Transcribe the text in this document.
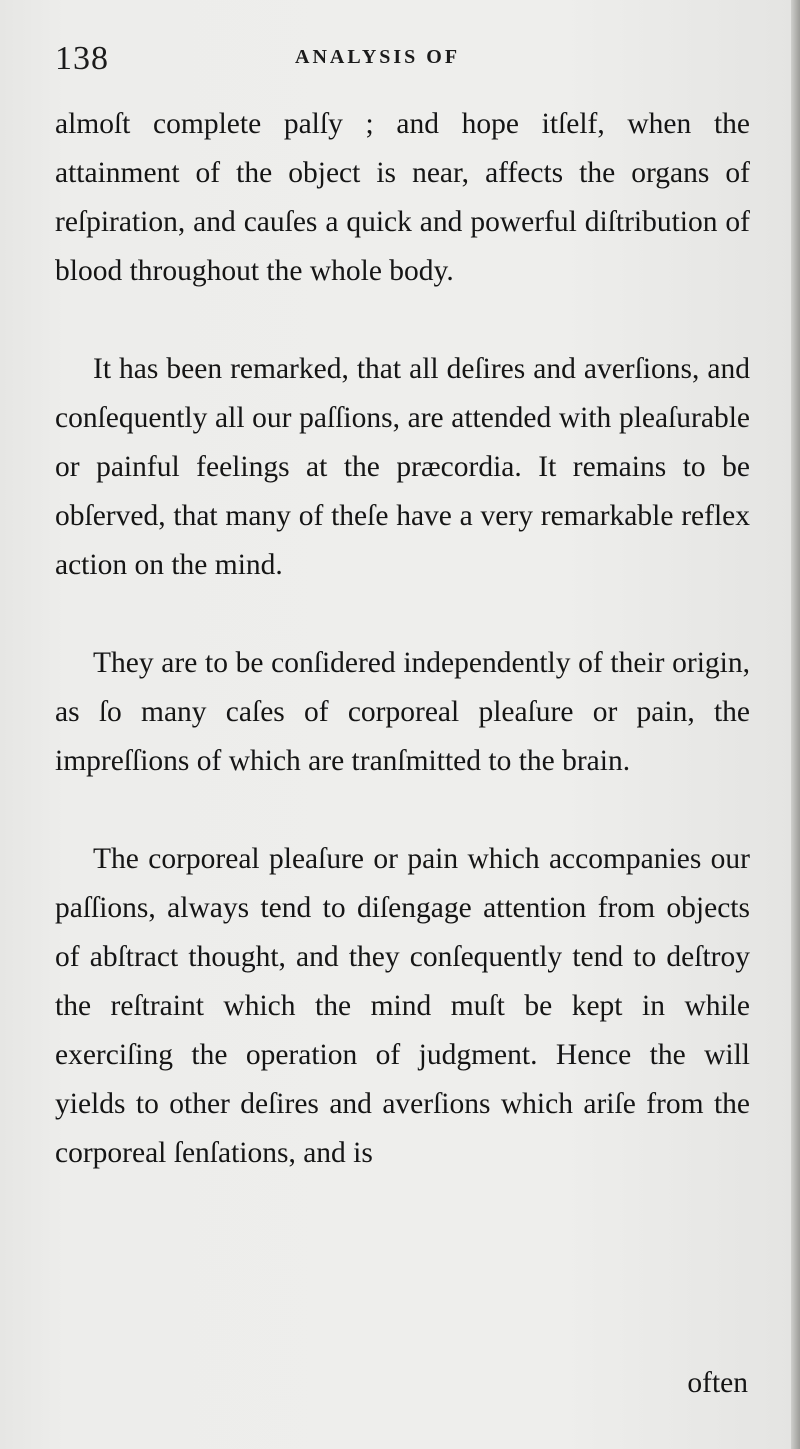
138	ANALYSIS OF

almoſt complete palſy ; and hope itſelf, when the attainment of the object is near, affects the organs of reſpiration, and cauſes a quick and powerful diſtribution of blood throughout the whole body.

It has been remarked, that all deſires and averſions, and conſequently all our paſſions, are attended with pleaſurable or painful feelings at the præcordia. It remains to be obſerved, that many of theſe have a very remarkable reflex action on the mind.

They are to be conſidered independently of their origin, as ſo many caſes of corporeal pleaſure or pain, the impreſſions of which are tranſmitted to the brain.

The corporeal pleaſure or pain which accompanies our paſſions, always tend to diſengage attention from objects of abſtract thought, and they conſequently tend to deſtroy the reſtraint which the mind muſt be kept in while exerciſing the operation of judgment. Hence the will yields to other deſires and averſions which ariſe from the corporeal ſenſations, and is

often
